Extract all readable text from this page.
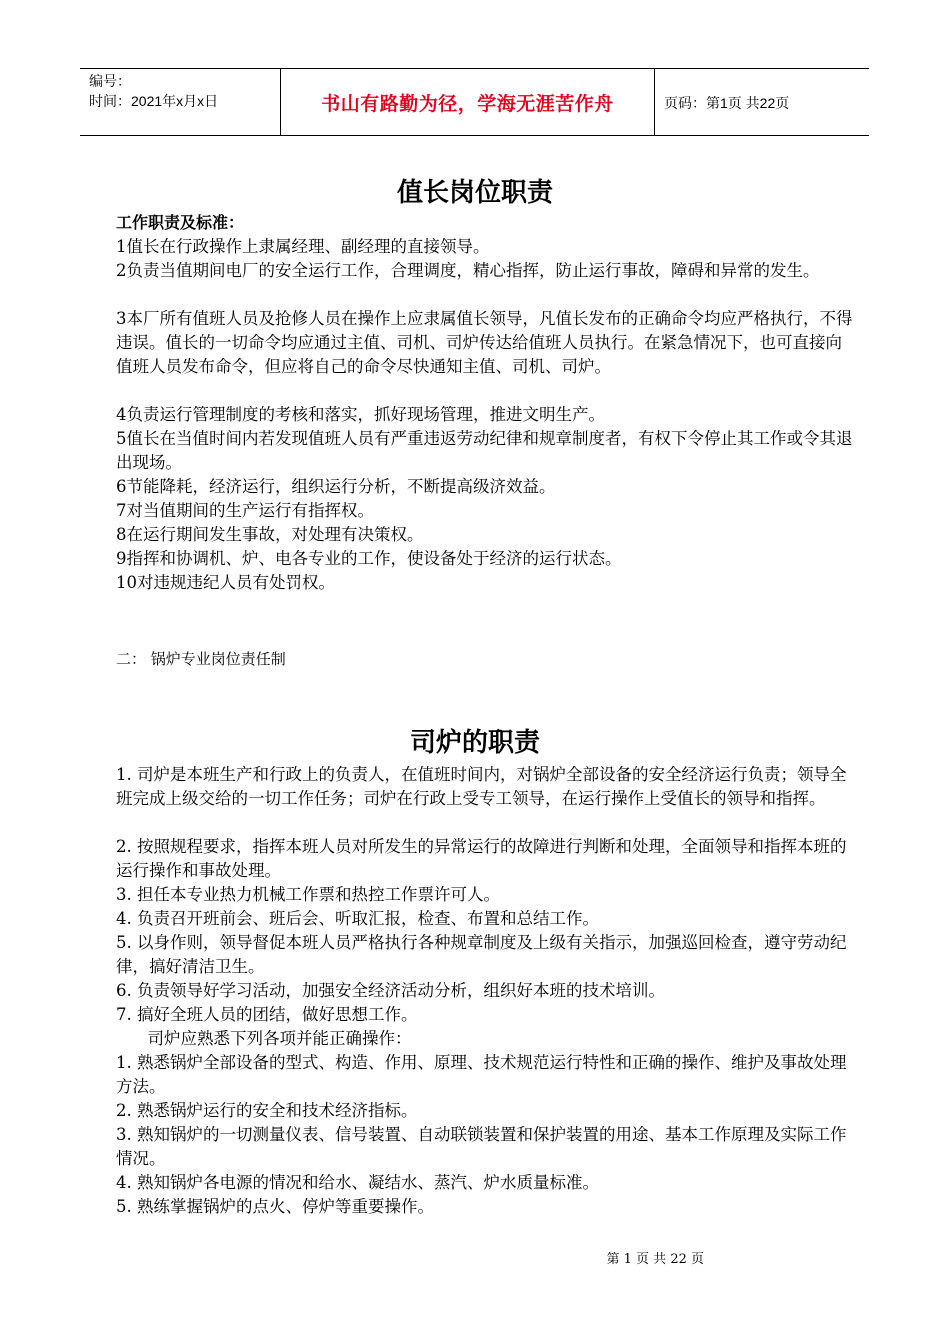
编号：
时间：2021年x月x日	书山有路勤为径，学海无涯苦作舟	页码：第1页 共22页
值长岗位职责
工作职责及标准：

1值长在行政操作上隶属经理、副经理的直接领导。

2负责当值期间电厂的安全运行工作，合理调度，精心指挥，防止运行事故，障碍和异常的发生。

3本厂所有值班人员及抢修人员在操作上应隶属值长领导，凡值长发布的正确命令均应严格执行，不得违误。值长的一切命令均应通过主值、司机、司炉传达给值班人员执行。在紧急情况下，也可直接向值班人员发布命令，但应将自己的命令尽快通知主值、司机、司炉。

4负责运行管理制度的考核和落实，抓好现场管理，推进文明生产。

5值长在当值时间内若发现值班人员有严重违返劳动纪律和规章制度者，有权下令停止其工作或令其退出现场。

6节能降耗，经济运行，组织运行分析，不断提高级济效益。

7对当值期间的生产运行有指挥权。

8在运行期间发生事故，对处理有决策权。

9指挥和协调机、炉、电各专业的工作，使设备处于经济的运行状态。

10对违规违纪人员有处罚权。

二： 锅炉专业岗位责任制
司炉的职责

1. 司炉是本班生产和行政上的负责人，在值班时间内，对锅炉全部设备的安全经济运行负责；领导全班完成上级交给的一切工作任务；司炉在行政上受专工领导，在运行操作上受值长的领导和指挥。

2. 按照规程要求，指挥本班人员对所发生的异常运行的故障进行判断和处理，全面领导和指挥本班的运行操作和事故处理。

3. 担任本专业热力机械工作票和热控工作票许可人。

4. 负责召开班前会、班后会、听取汇报，检查、布置和总结工作。

5. 以身作则，领导督促本班人员严格执行各种规章制度及上级有关指示，加强巡回检查，遵守劳动纪律，搞好清洁卫生。

6. 负责领导好学习活动，加强安全经济活动分析，组织好本班的技术培训。

7. 搞好全班人员的团结，做好思想工作。

司炉应熟悉下列各项并能正确操作：

1. 熟悉锅炉全部设备的型式、构造、作用、原理、技术规范运行特性和正确的操作、维护及事故处理方法。

2. 熟悉锅炉运行的安全和技术经济指标。

3. 熟知锅炉的一切测量仪表、信号装置、自动联锁装置和保护装置的用途、基本工作原理及实际工作情况。

4. 熟知锅炉各电源的情况和给水、凝结水、蒸汽、炉水质量标准。

5. 熟练掌握锅炉的点火、停炉等重要操作。

第 1 页 共 22 页
